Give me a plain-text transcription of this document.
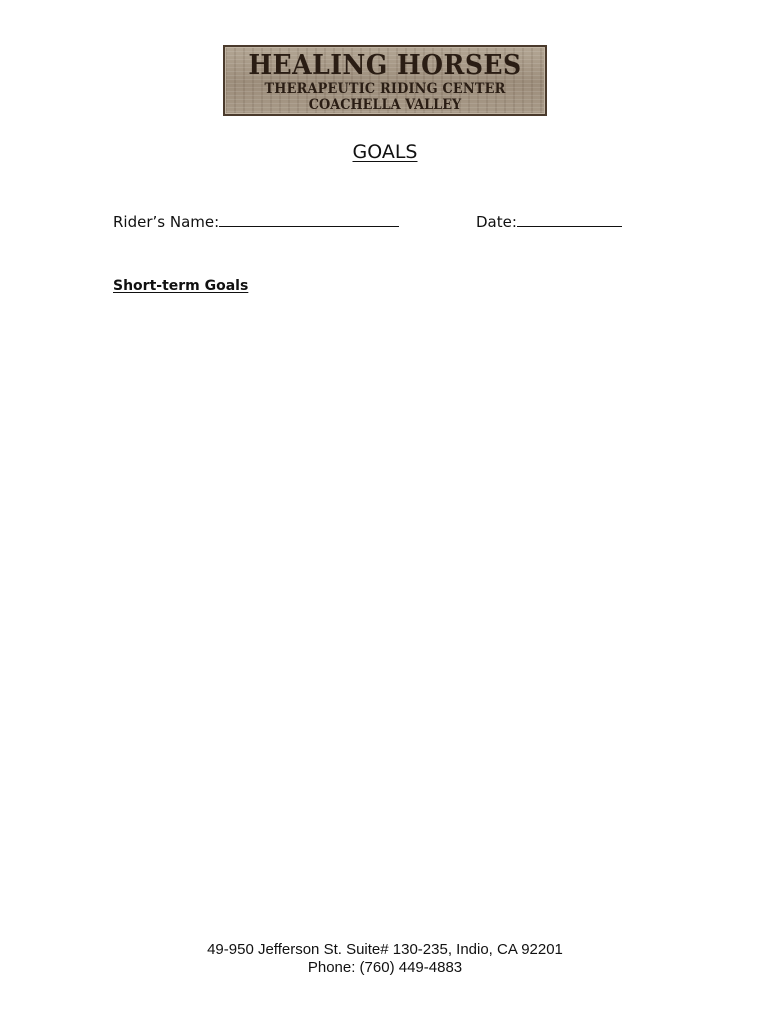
HEALING HORSES
THERAPEUTIC RIDING CENTER
COACHELLA VALLEY
GOALS
Rider’s Name:	Date:
Short-term Goals
49-950 Jefferson St. Suite# 130-235, Indio, CA 92201
Phone: (760) 449-4883
